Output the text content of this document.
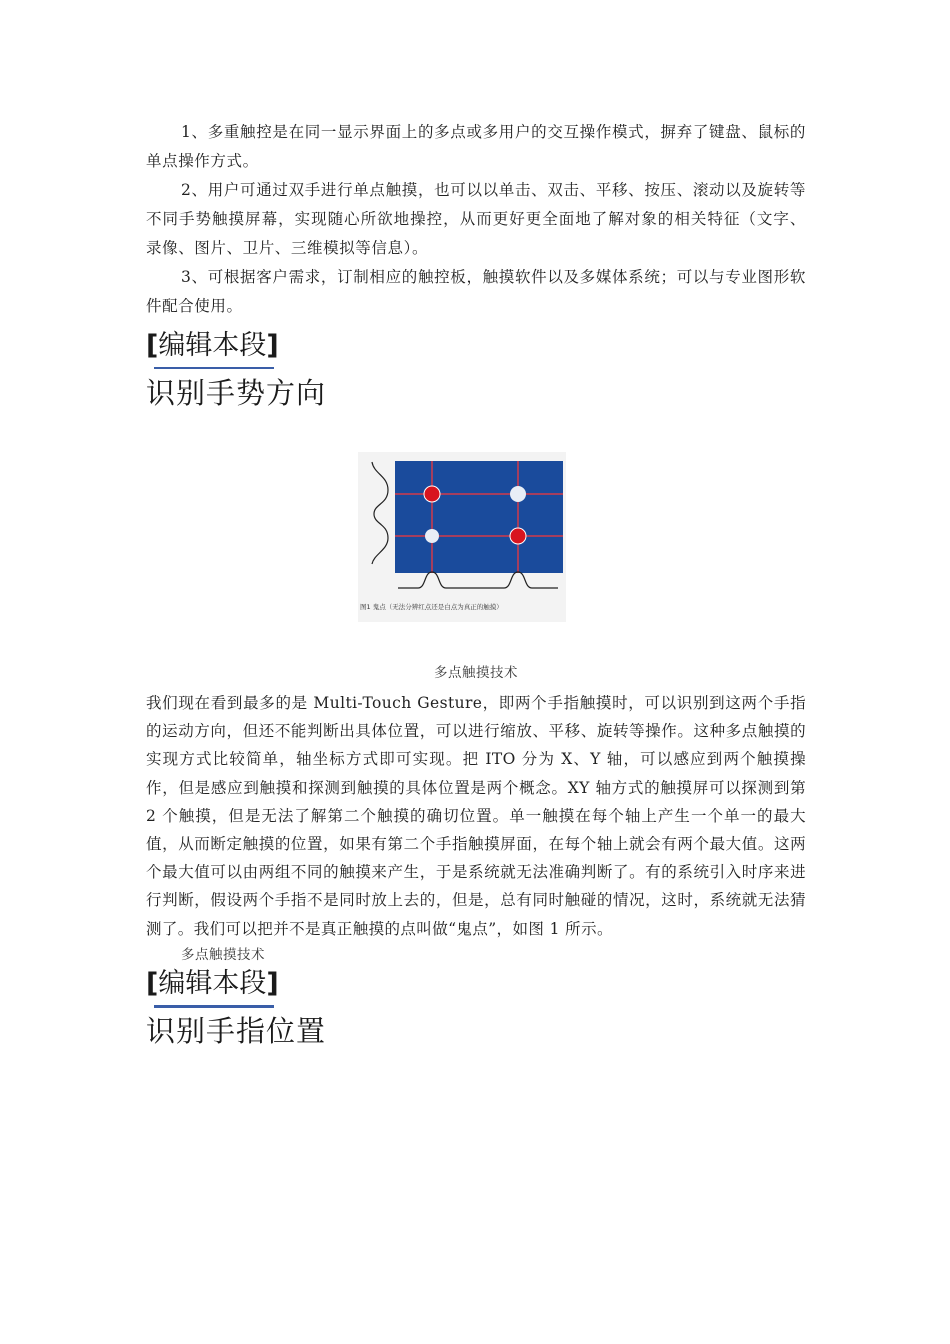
1、多重触控是在同一显示界面上的多点或多用户的交互操作模式，摒弃了键盘、鼠标的单点操作方式。

2、用户可通过双手进行单点触摸，也可以以单击、双击、平移、按压、滚动以及旋转等不同手势触摸屏幕，实现随心所欲地操控，从而更好更全面地了解对象的相关特征（文字、录像、图片、卫片、三维模拟等信息）。

3、可根据客户需求，订制相应的触控板，触摸软件以及多媒体系统；可以与专业图形软件配合使用。

[编辑本段]
识别手势方向
多点触摸技术

我们现在看到最多的是 Multi-Touch Gesture，即两个手指触摸时，可以识别到这两个手指的运动方向，但还不能判断出具体位置，可以进行缩放、平移、旋转等操作。这种多点触摸的实现方式比较简单，轴坐标方式即可实现。把 ITO 分为 X、Y 轴，可以感应到两个触摸操作，但是感应到触摸和探测到触摸的具体位置是两个概念。XY 轴方式的触摸屏可以探测到第 2 个触摸，但是无法了解第二个触摸的确切位置。单一触摸在每个轴上产生一个单一的最大值，从而断定触摸的位置，如果有第二个手指触摸屏面，在每个轴上就会有两个最大值。这两个最大值可以由两组不同的触摸来产生，于是系统就无法准确判断了。有的系统引入时序来进行判断，假设两个手指不是同时放上去的，但是，总有同时触碰的情况，这时，系统就无法猜测了。我们可以把并不是真正触摸的点叫做“鬼点”，如图 1 所示。

多点触摸技术
[编辑本段]
识别手指位置
图1 鬼点（无法分辨红点还是白点为真正的触摸）
